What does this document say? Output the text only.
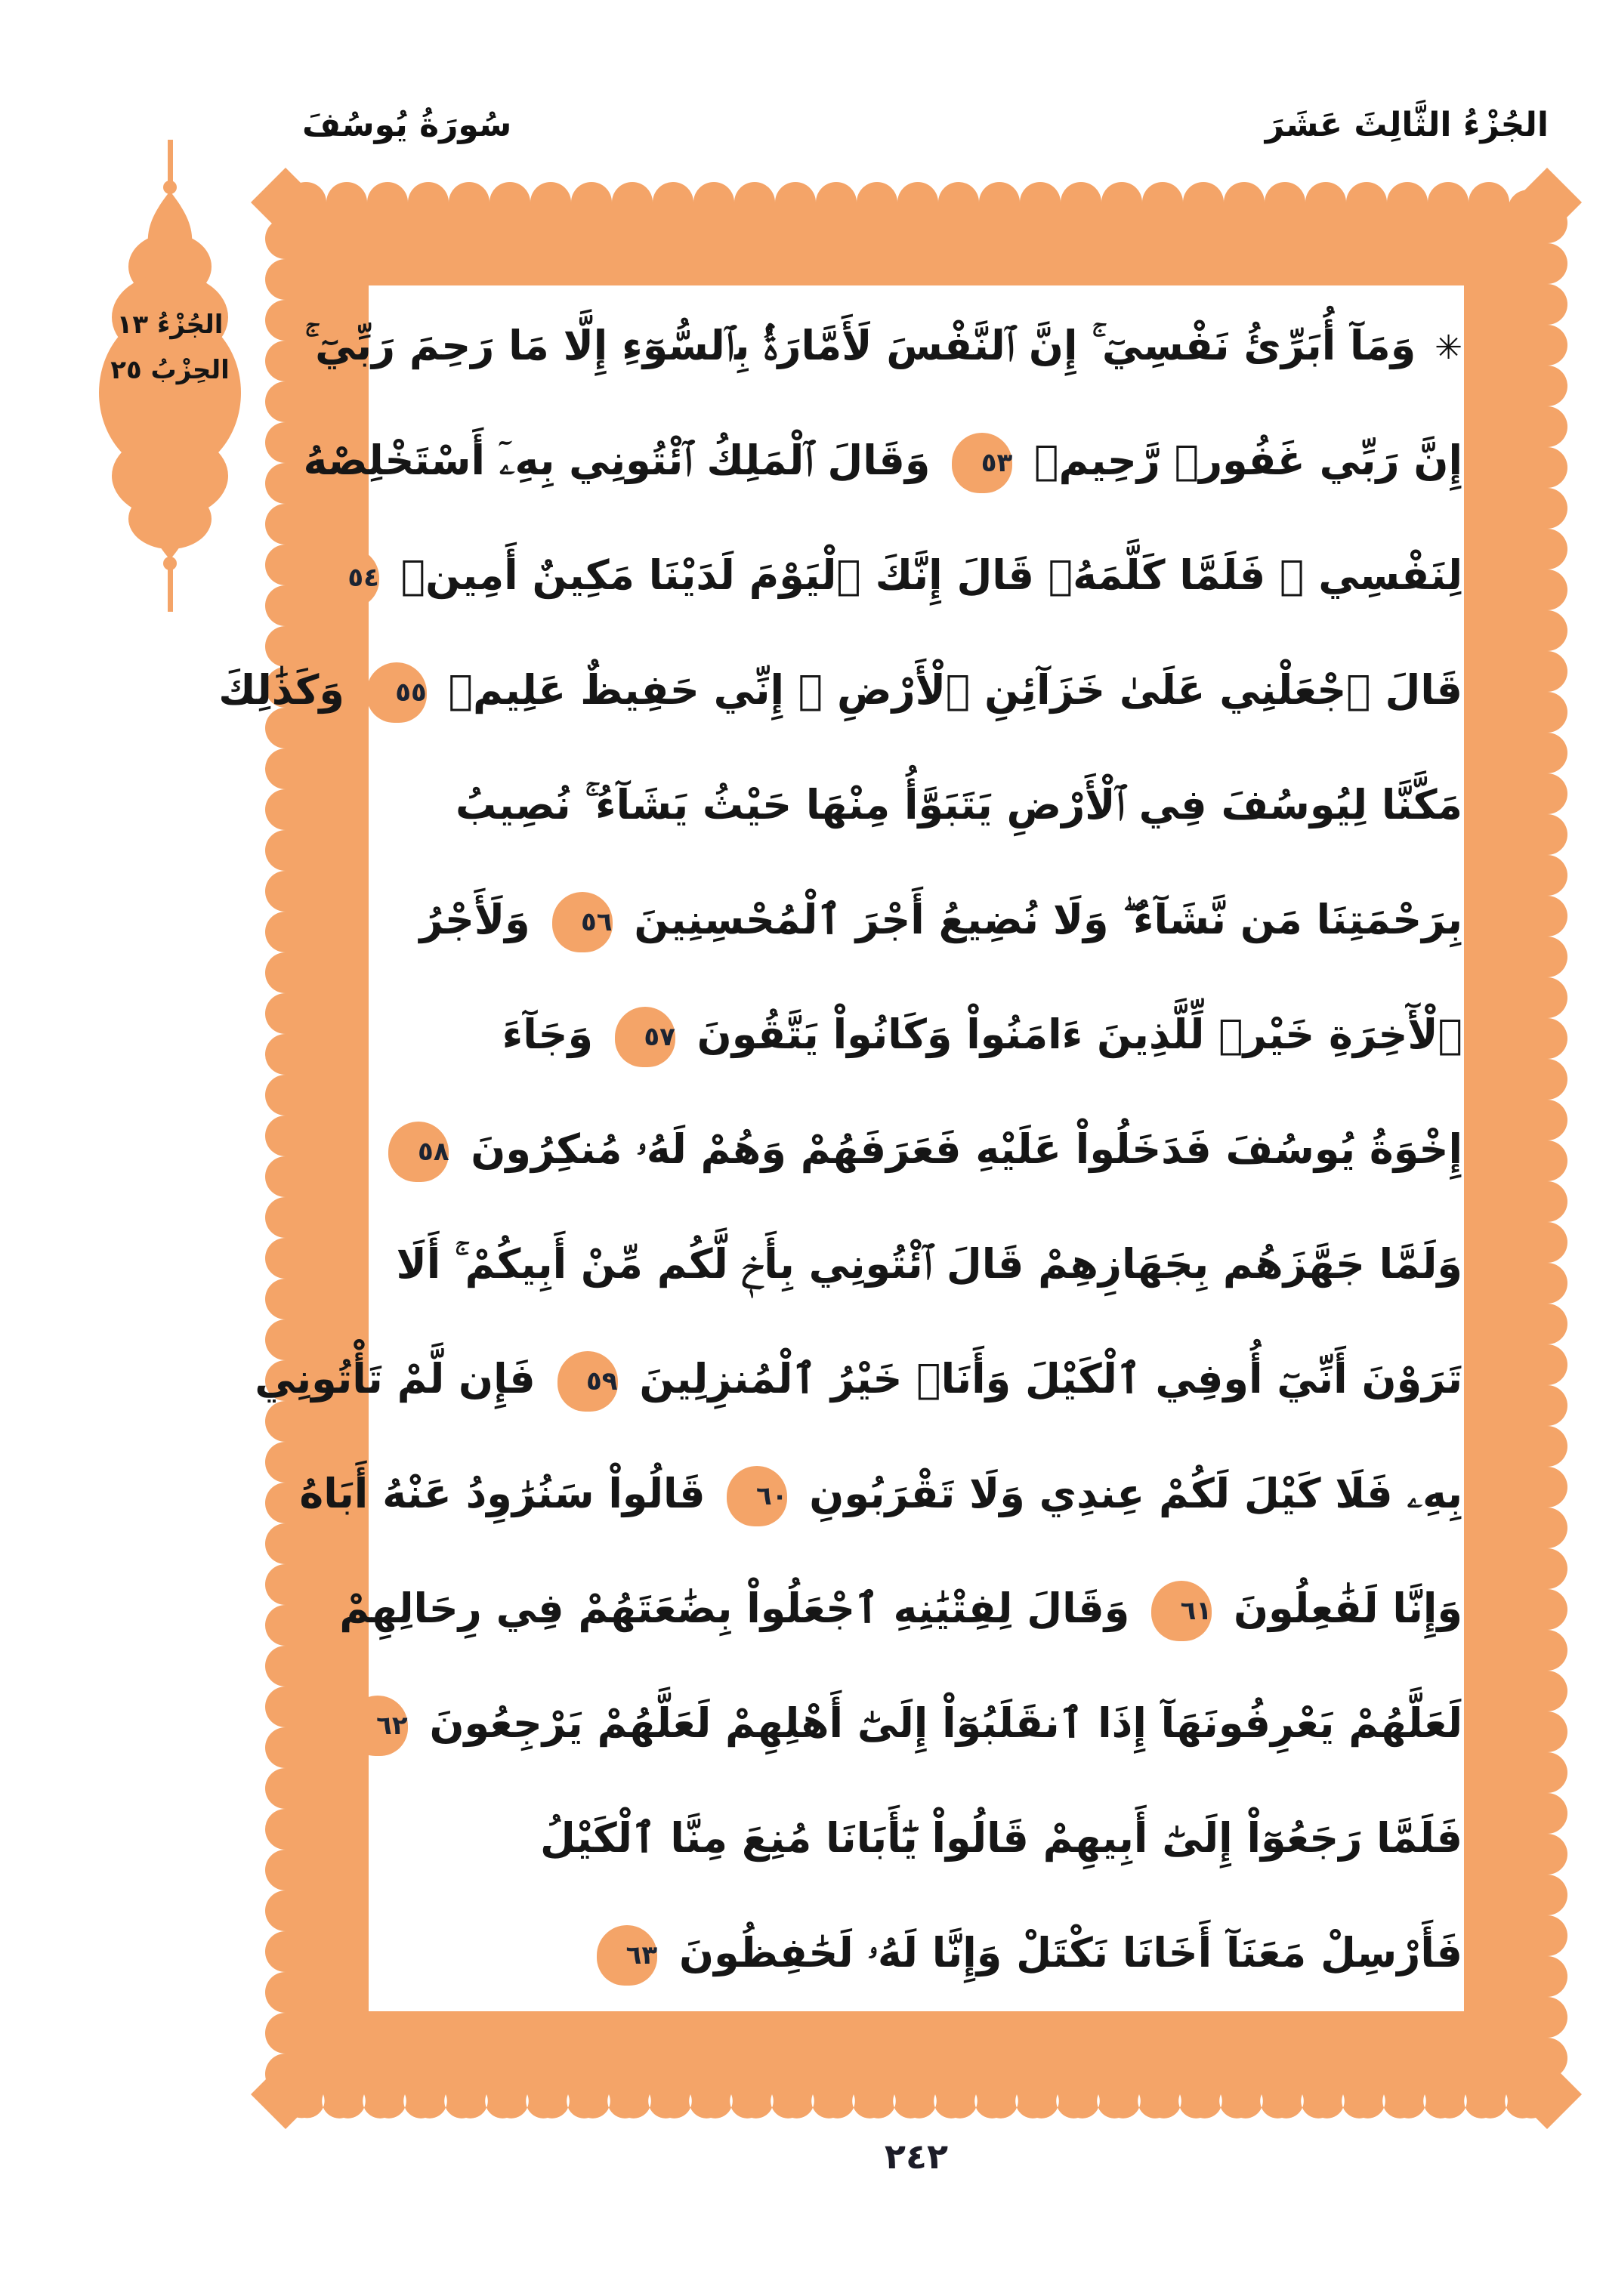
الجُزْءُ الثَّالِثَ عَشَرَ
سُورَةُ يُوسُفَ
الجُزْءُ ١٣
الحِزْبُ ٢٥
✳ وَمَآ أُبَرِّئُ نَفْسِيٓ ۚ إِنَّ ٱلنَّفْسَ لَأَمَّارَةُۢ بِٱلسُّوٓءِ إِلَّا مَا رَحِمَ رَبِّيٓ ۚ
إِنَّ رَبِّي غَفُورٞ رَّحِيمٞ ٥٣ وَقَالَ ٱلْمَلِكُ ٱئْتُونِي بِهِۦٓ أَسْتَخْلِصْهُ
لِنَفْسِي ۖ فَلَمَّا كَلَّمَهُۥ قَالَ إِنَّكَ ٱلْيَوْمَ لَدَيْنَا مَكِينٌ أَمِينٞ ٥٤
قَالَ ٱجْعَلْنِي عَلَىٰ خَزَآئِنِ ٱلْأَرْضِ ۖ إِنِّي حَفِيظٌ عَلِيمٞ ٥٥ وَكَذَٰلِكَ
مَكَّنَّا لِيُوسُفَ فِي ٱلْأَرْضِ يَتَبَوَّأُ مِنْهَا حَيْثُ يَشَآءُ ۚ نُصِيبُ
بِرَحْمَتِنَا مَن نَّشَآءُ ۖ وَلَا نُضِيعُ أَجْرَ ٱلْمُحْسِنِينَ ٥٦ وَلَأَجْرُ
ٱلْأٓخِرَةِ خَيْرٞ لِّلَّذِينَ ءَامَنُواْ وَكَانُواْ يَتَّقُونَ ٥٧ وَجَآءَ
إِخْوَةُ يُوسُفَ فَدَخَلُواْ عَلَيْهِ فَعَرَفَهُمْ وَهُمْ لَهُۥ مُنكِرُونَ ٥٨
وَلَمَّا جَهَّزَهُم بِجَهَازِهِمْ قَالَ ٱئْتُونِي بِأَخٖ لَّكُم مِّنْ أَبِيكُمْ ۚ أَلَا
تَرَوْنَ أَنِّيٓ أُوفِي ٱلْكَيْلَ وَأَنَا۠ خَيْرُ ٱلْمُنزِلِينَ ٥٩ فَإِن لَّمْ تَأْتُونِي
بِهِۦ فَلَا كَيْلَ لَكُمْ عِندِي وَلَا تَقْرَبُونِ ٦٠ قَالُواْ سَنُرَٰوِدُ عَنْهُ أَبَاهُ
وَإِنَّا لَفَٰعِلُونَ ٦١ وَقَالَ لِفِتْيَٰنِهِ ٱجْعَلُواْ بِضَٰعَتَهُمْ فِي رِحَالِهِمْ
لَعَلَّهُمْ يَعْرِفُونَهَآ إِذَا ٱنقَلَبُوٓاْ إِلَىٰٓ أَهْلِهِمْ لَعَلَّهُمْ يَرْجِعُونَ ٦٢
فَلَمَّا رَجَعُوٓاْ إِلَىٰٓ أَبِيهِمْ قَالُواْ يَٰٓأَبَانَا مُنِعَ مِنَّا ٱلْكَيْلُ
فَأَرْسِلْ مَعَنَآ أَخَانَا نَكْتَلْ وَإِنَّا لَهُۥ لَحَٰفِظُونَ ٦٣
٢٤٢
